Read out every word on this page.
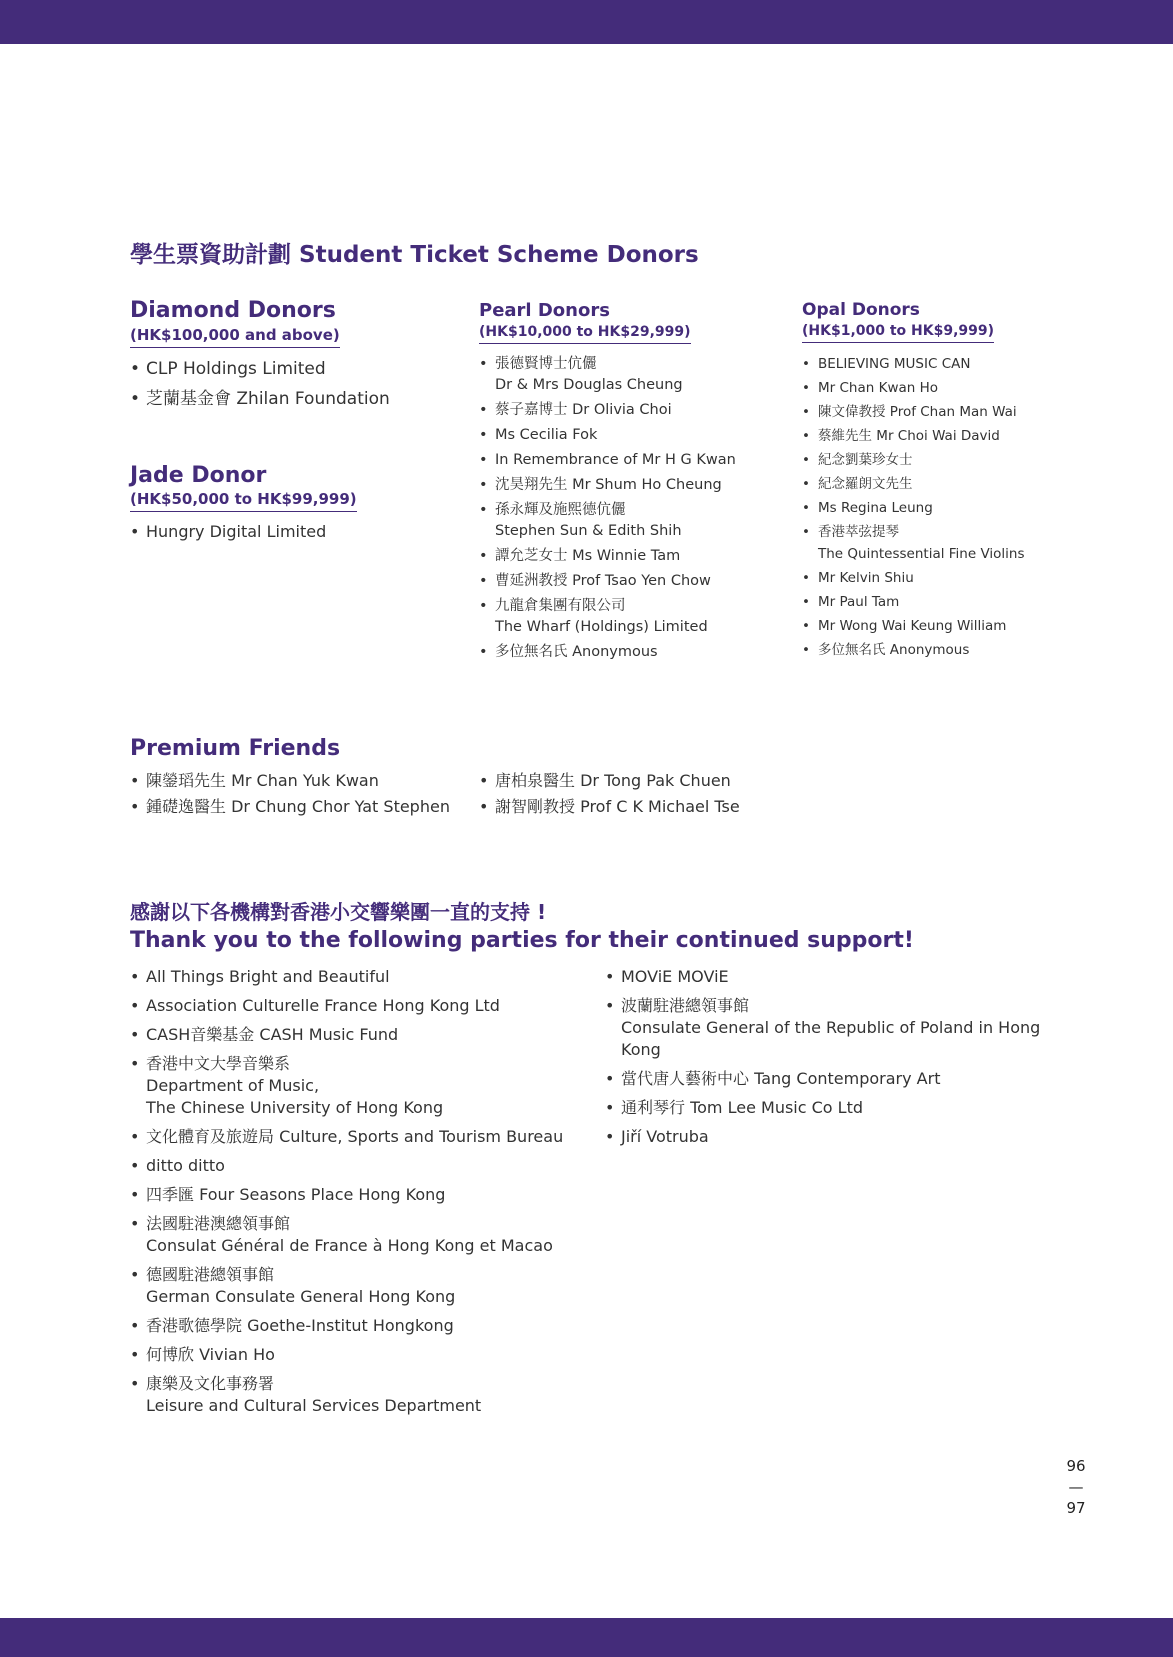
學生票資助計劃 Student Ticket Scheme Donors
Diamond Donors
(HK$100,000 and above)
• CLP Holdings Limited
• 芝蘭基金會 Zhilan Foundation
Jade Donor
(HK$50,000 to HK$99,999)
• Hungry Digital Limited
Pearl Donors
(HK$10,000 to HK$29,999)
• 張德賢博士伉儷
Dr & Mrs Douglas Cheung
• 蔡子嘉博士 Dr Olivia Choi
• Ms Cecilia Fok
• In Remembrance of Mr H G Kwan
• 沈昊翔先生 Mr Shum Ho Cheung
• 孫永輝及施熙德伉儷
Stephen Sun & Edith Shih
• 譚允芝女士 Ms Winnie Tam
• 曹延洲教授 Prof Tsao Yen Chow
• 九龍倉集團有限公司
The Wharf (Holdings) Limited
• 多位無名氏 Anonymous
Opal Donors
(HK$1,000 to HK$9,999)
• BELIEVING MUSIC CAN
• Mr Chan Kwan Ho
• 陳文偉教授 Prof Chan Man Wai
• 蔡維先生 Mr Choi Wai David
• 紀念劉葉珍女士
• 紀念羅朗文先生
• Ms Regina Leung
• 香港萃弦提琴
The Quintessential Fine Violins
• Mr Kelvin Shiu
• Mr Paul Tam
• Mr Wong Wai Keung William
• 多位無名氏 Anonymous
Premium Friends
• 陳鎣瑫先生 Mr Chan Yuk Kwan
• 鍾礎逸醫生 Dr Chung Chor Yat Stephen
• 唐柏泉醫生 Dr Tong Pak Chuen
• 謝智剛教授 Prof C K Michael Tse
感謝以下各機構對香港小交響樂團一直的支持 !
Thank you to the following parties for their continued support!
• All Things Bright and Beautiful
• Association Culturelle France Hong Kong Ltd
• CASH音樂基金 CASH Music Fund
• 香港中文大學音樂系
Department of Music,
The Chinese University of Hong Kong
• 文化體育及旅遊局 Culture, Sports and Tourism Bureau
• ditto ditto
• 四季匯 Four Seasons Place Hong Kong
• 法國駐港澳總領事館
Consulat Général de France à Hong Kong et Macao
• 德國駐港總領事館
German Consulate General Hong Kong
• 香港歌德學院 Goethe-Institut Hongkong
• 何博欣 Vivian Ho
• 康樂及文化事務署
Leisure and Cultural Services Department
• MOViE MOViE
• 波蘭駐港總領事館
Consulate General of the Republic of Poland in Hong Kong
• 當代唐人藝術中心 Tang Contemporary Art
• 通利琴行 Tom Lee Music Co Ltd
• Jiří Votruba
96
—
97
